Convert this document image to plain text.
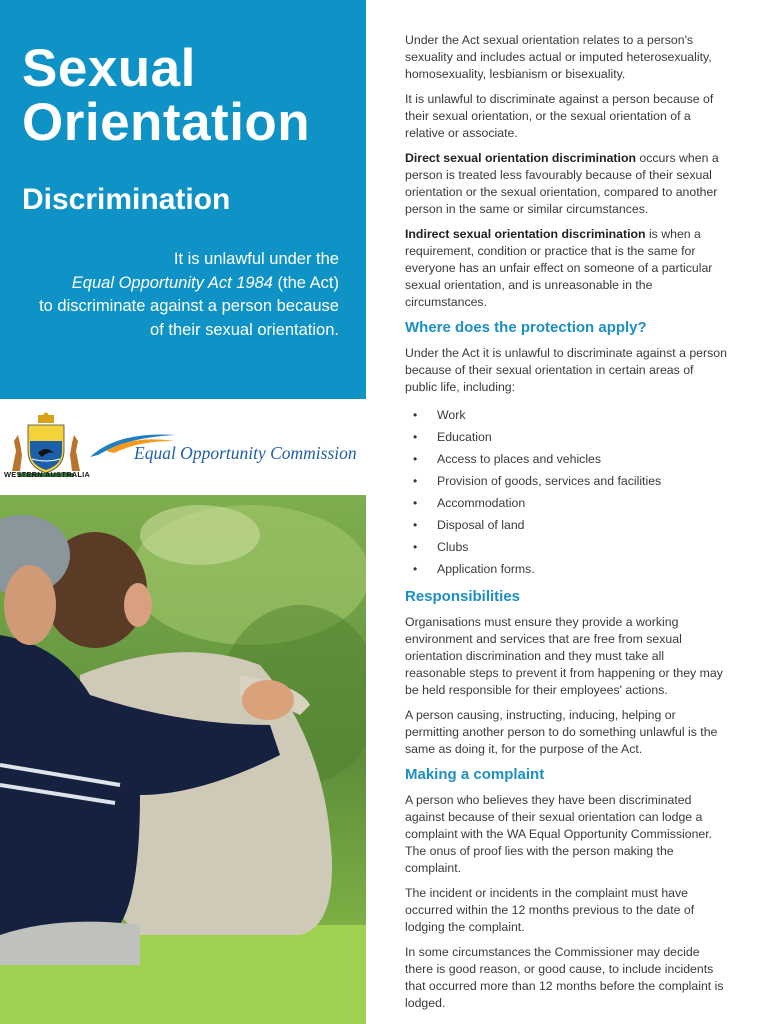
Sexual
Orientation
Discrimination

It is unlawful under the
Equal Opportunity Act 1984 (the Act)
to discriminate against a person because
of their sexual orientation.

WESTERN AUSTRALIA
Equal Opportunity Commission

Under the Act sexual orientation relates to a person's sexuality and includes actual or imputed heterosexuality, homosexuality, lesbianism or bisexuality.

It is unlawful to discriminate against a person because of their sexual orientation, or the sexual orientation of a relative or associate.

Direct sexual orientation discrimination occurs when a person is treated less favourably because of their sexual orientation or the sexual orientation, compared to another person in the same or similar circumstances.

Indirect sexual orientation discrimination is when a requirement, condition or practice that is the same for everyone has an unfair effect on someone of a particular sexual orientation, and is unreasonable in the circumstances.

Where does the protection apply?

Under the Act it is unlawful to discriminate against a person because of their sexual orientation in certain areas of public life, including:

• Work
• Education
• Access to places and vehicles
• Provision of goods, services and facilities
• Accommodation
• Disposal of land
• Clubs
• Application forms.
Responsibilities

Organisations must ensure they provide a working environment and services that are free from sexual orientation discrimination and they must take all reasonable steps to prevent it from happening or they may be held responsible for their employees' actions.

A person causing, instructing, inducing, helping or permitting another person to do something unlawful is the same as doing it, for the purpose of the Act.

Making a complaint

A person who believes they have been discriminated against because of their sexual orientation can lodge a complaint with the WA Equal Opportunity Commissioner. The onus of proof lies with the person making the complaint.

The incident or incidents in the complaint must have occurred within the 12 months previous to the date of lodging the complaint.

In some circumstances the Commissioner may decide there is good reason, or good cause, to include incidents that occurred more than 12 months before the complaint is lodged.
